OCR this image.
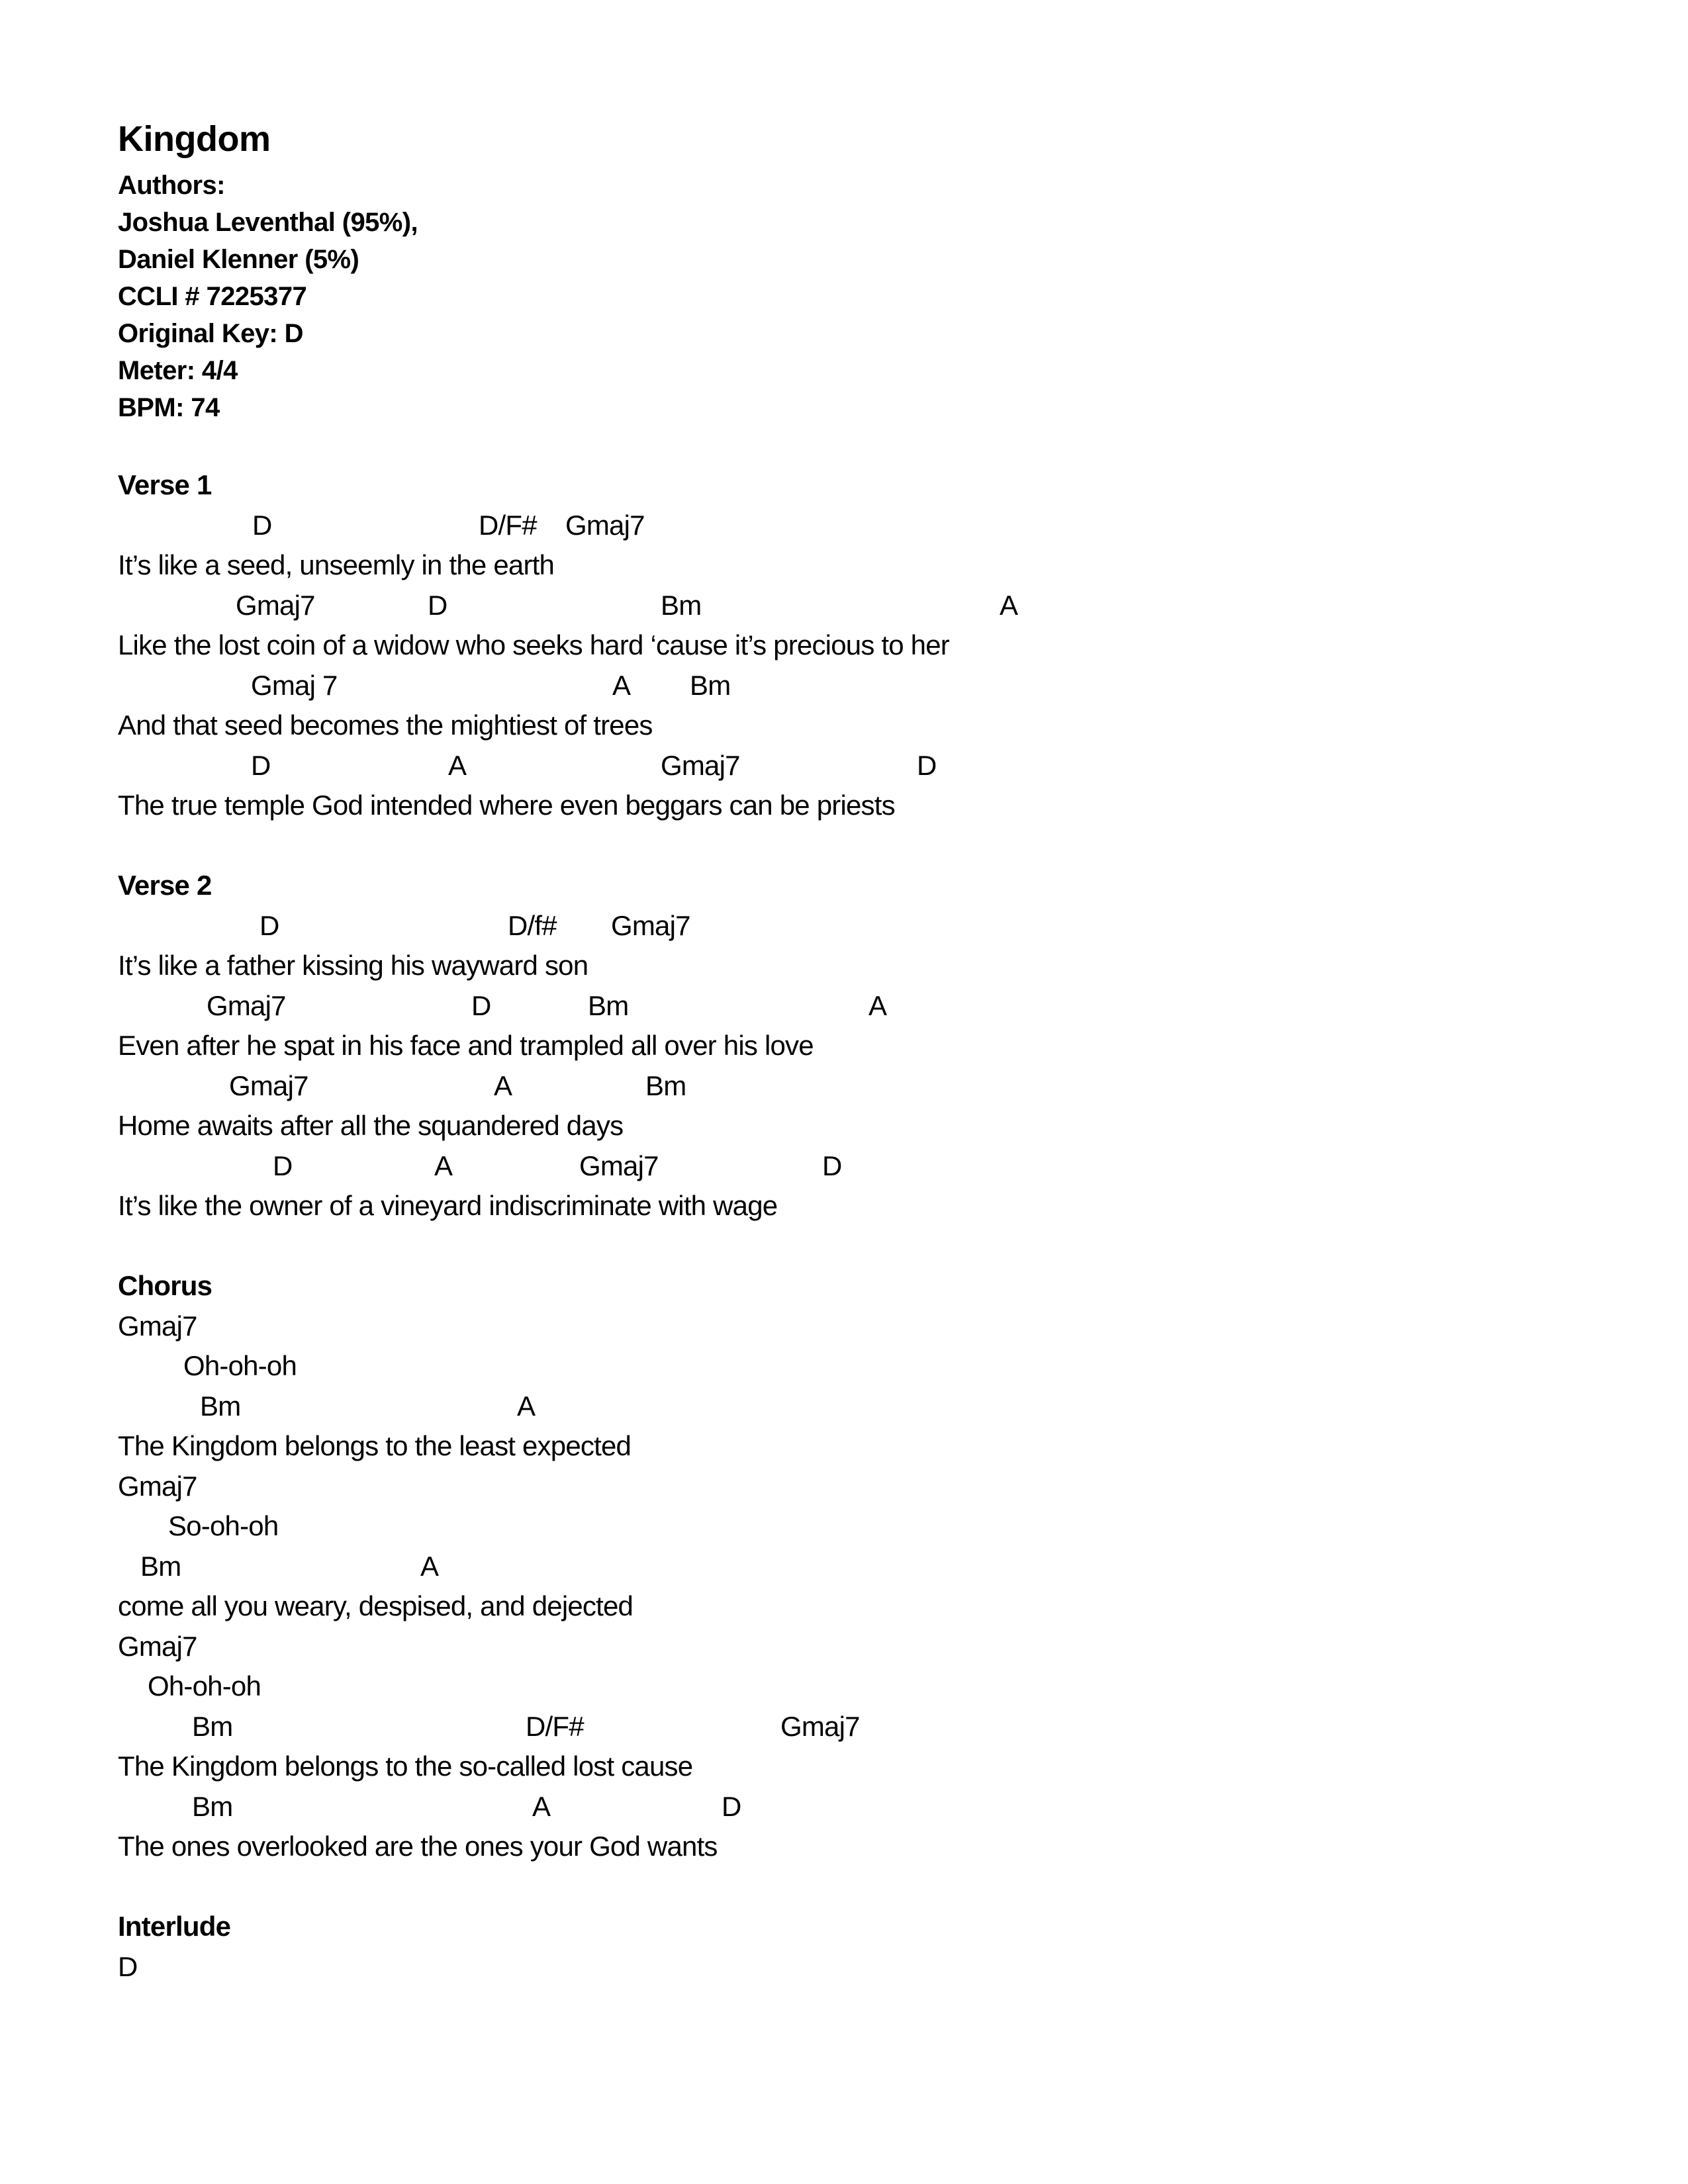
Kingdom
Authors:
Joshua Leventhal (95%),
Daniel Klenner (5%)
CCLI # 7225377
Original Key: D
Meter: 4/4
BPM: 74
Verse 1
D	D/F# Gmaj7
It’s like a seed, unseemly in the earth
Gmaj7	D	Bm	A
Like the lost coin of a widow who seeks hard ‘cause it’s precious to her
Gmaj 7	A Bm
And that seed becomes the mightiest of trees
D	A	Gmaj7	D
The true temple God intended where even beggars can be priests
Verse 2
D	D/f# Gmaj7
It’s like a father kissing his wayward son
Gmaj7	D	Bm	A
Even after he spat in his face and trampled all over his love
Gmaj7	A	Bm
Home awaits after all the squandered days
D	A	Gmaj7	D
It’s like the owner of a vineyard indiscriminate with wage
Chorus
Gmaj7
Oh-oh-oh
Bm	A
The Kingdom belongs to the least expected
Gmaj7
So-oh-oh
Bm	A
come all you weary, despised, and dejected
Gmaj7
Oh-oh-oh
Bm	D/F#	Gmaj7
The Kingdom belongs to the so-called lost cause
Bm	A	D
The ones overlooked are the ones your God wants
Interlude
D
